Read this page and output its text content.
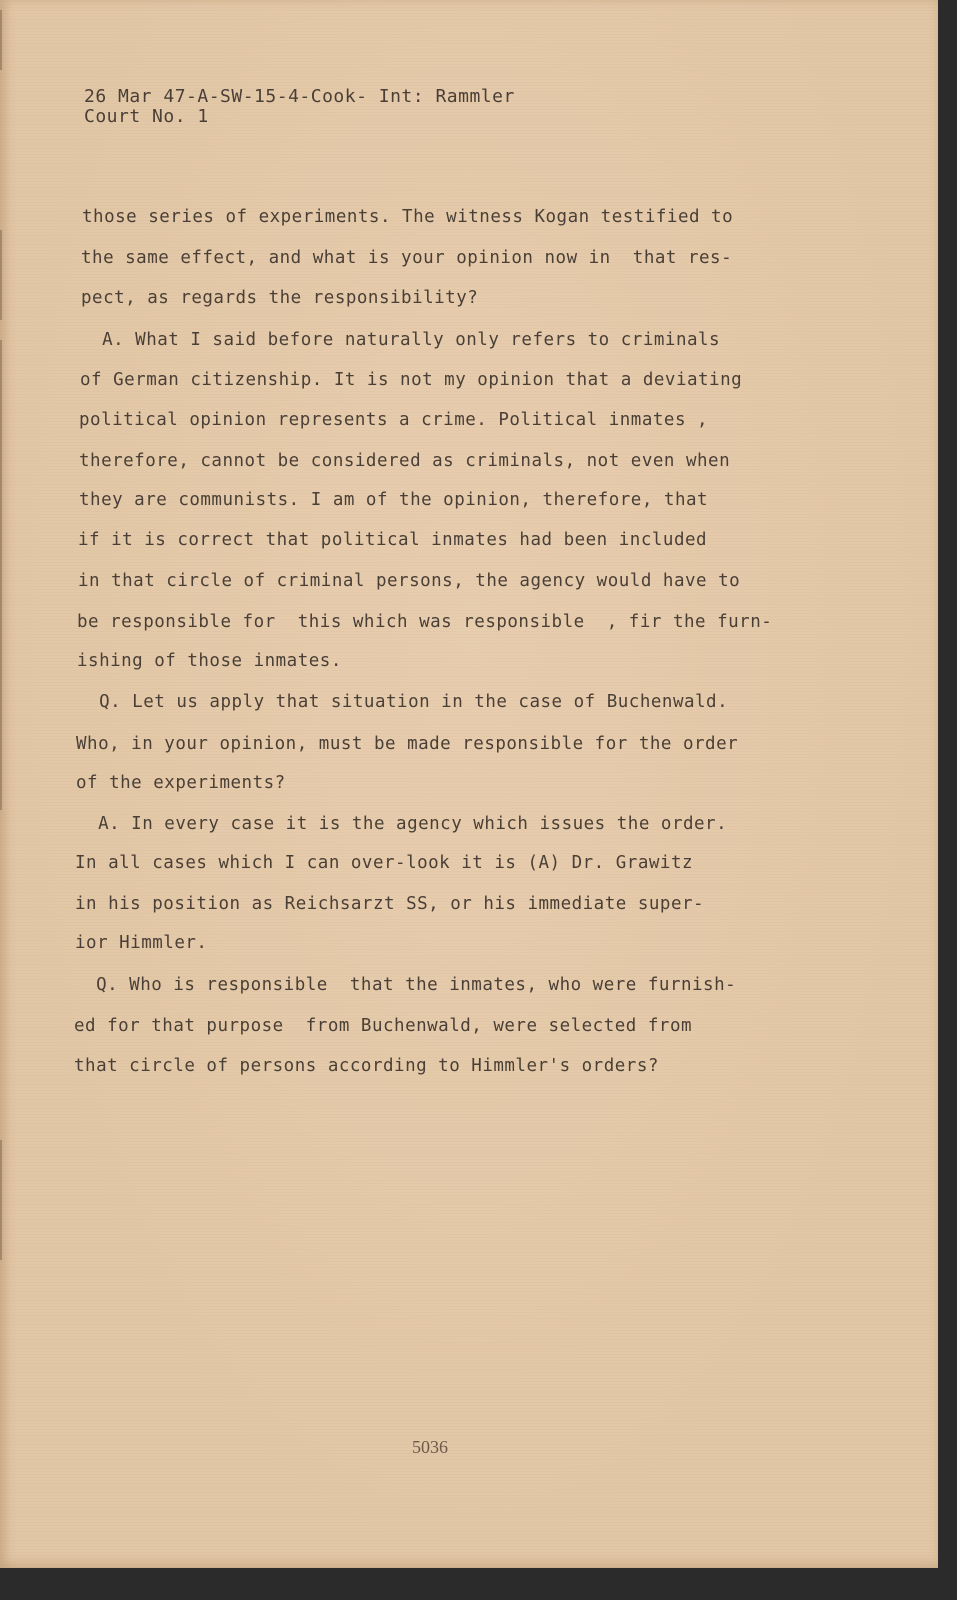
26 Mar 47-A-SW-15-4-Cook- Int: Rammler

Court No. 1

those series of experiments. The witness Kogan testified to

the same effect, and what is your opinion now in  that res-

pect, as regards the responsibility?

A. What I said before naturally only refers to criminals

of German citizenship. It is not my opinion that a deviating

political opinion represents a crime. Political inmates ,

therefore, cannot be considered as criminals, not even when

they are communists. I am of the opinion, therefore, that

if it is correct that political inmates had been included

in that circle of criminal persons, the agency would have to

be responsible for  this which was responsible  , fir the furn-

ishing of those inmates.

Q. Let us apply that situation in the case of Buchenwald.

Who, in your opinion, must be made responsible for the order

of the experiments?

A. In every case it is the agency which issues the order.

In all cases which I can over-look it is (A) Dr. Grawitz

in his position as Reichsarzt SS, or his immediate super-

ior Himmler.

Q. Who is responsible  that the inmates, who were furnish-

ed for that purpose  from Buchenwald, were selected from

that circle of persons according to Himmler's orders?

5036
